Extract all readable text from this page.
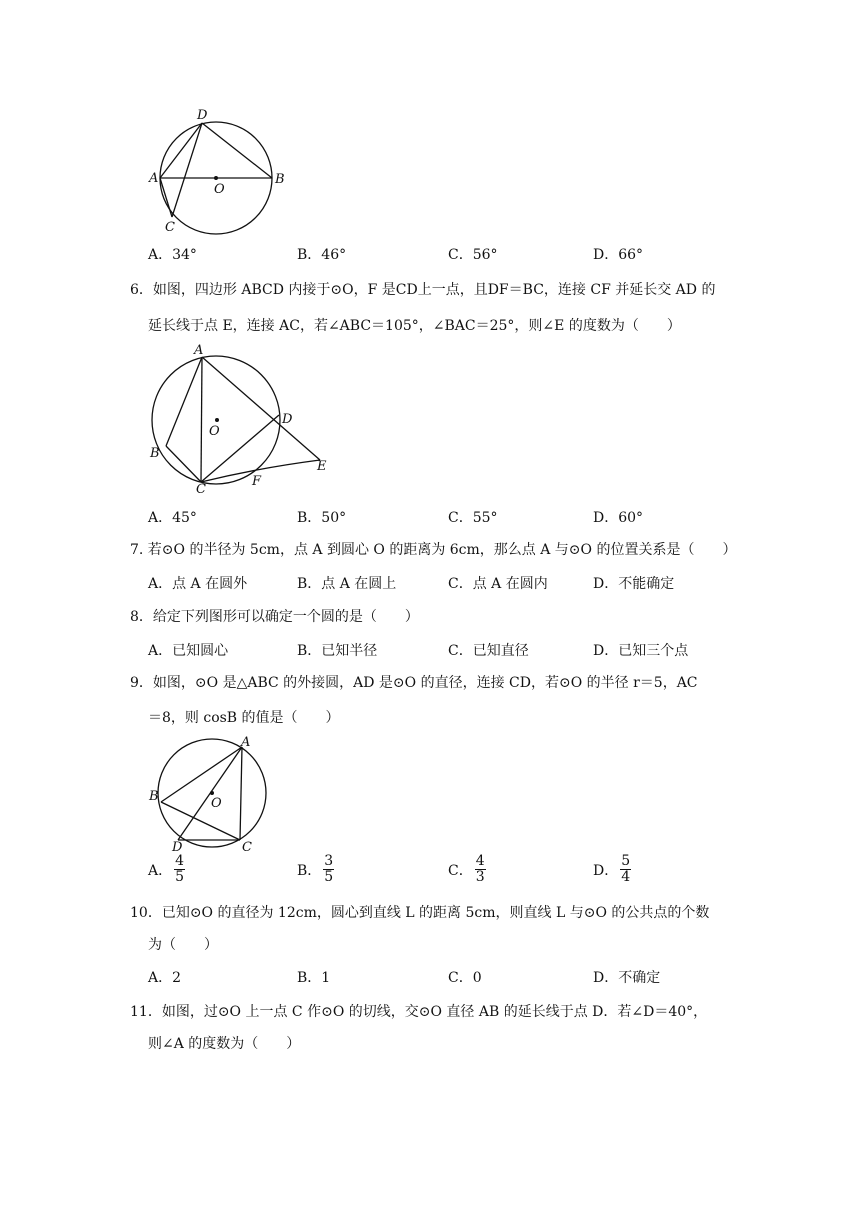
D
A
O
B
C
A．34°	B．46°	C．56°	D．66°
6．如图，四边形 ABCD 内接于⊙O，F 是CD上一点，且DF＝BC，连接 CF 并延长交 AD 的
延长线于点 E，连接 AC，若∠ABC＝105°，∠BAC＝25°，则∠E 的度数为（　　）
A
O
D
B
C
F
E
A．45°	B．50°	C．55°	D．60°
7. 若⊙O 的半径为 5cm，点 A 到圆心 O 的距离为 6cm，那么点 A 与⊙O 的位置关系是（　　）
A．点 A 在圆外	B．点 A 在圆上	C．点 A 在圆内	D．不能确定
8．给定下列图形可以确定一个圆的是（　　）
A．已知圆心	B．已知半径	C．已知直径	D．已知三个点
9．如图，⊙O 是△ABC 的外接圆，AD 是⊙O 的直径，连接 CD，若⊙O 的半径 r＝5，AC
＝8，则 cosB 的值是（　　）
A
B	O
D	C
A． $\frac{4}{5}$	B． $\frac{3}{5}$	C． $\frac{4}{3}$	D． $\frac{5}{4}$
10．已知⊙O 的直径为 12cm，圆心到直线 L 的距离 5cm，则直线 L 与⊙O 的公共点的个数
为（　　）
A．2	B．1	C．0	D．不确定
11．如图，过⊙O 上一点 C 作⊙O 的切线，交⊙O 直径 AB 的延长线于点 D．若∠D＝40°，
则∠A 的度数为（　　）
